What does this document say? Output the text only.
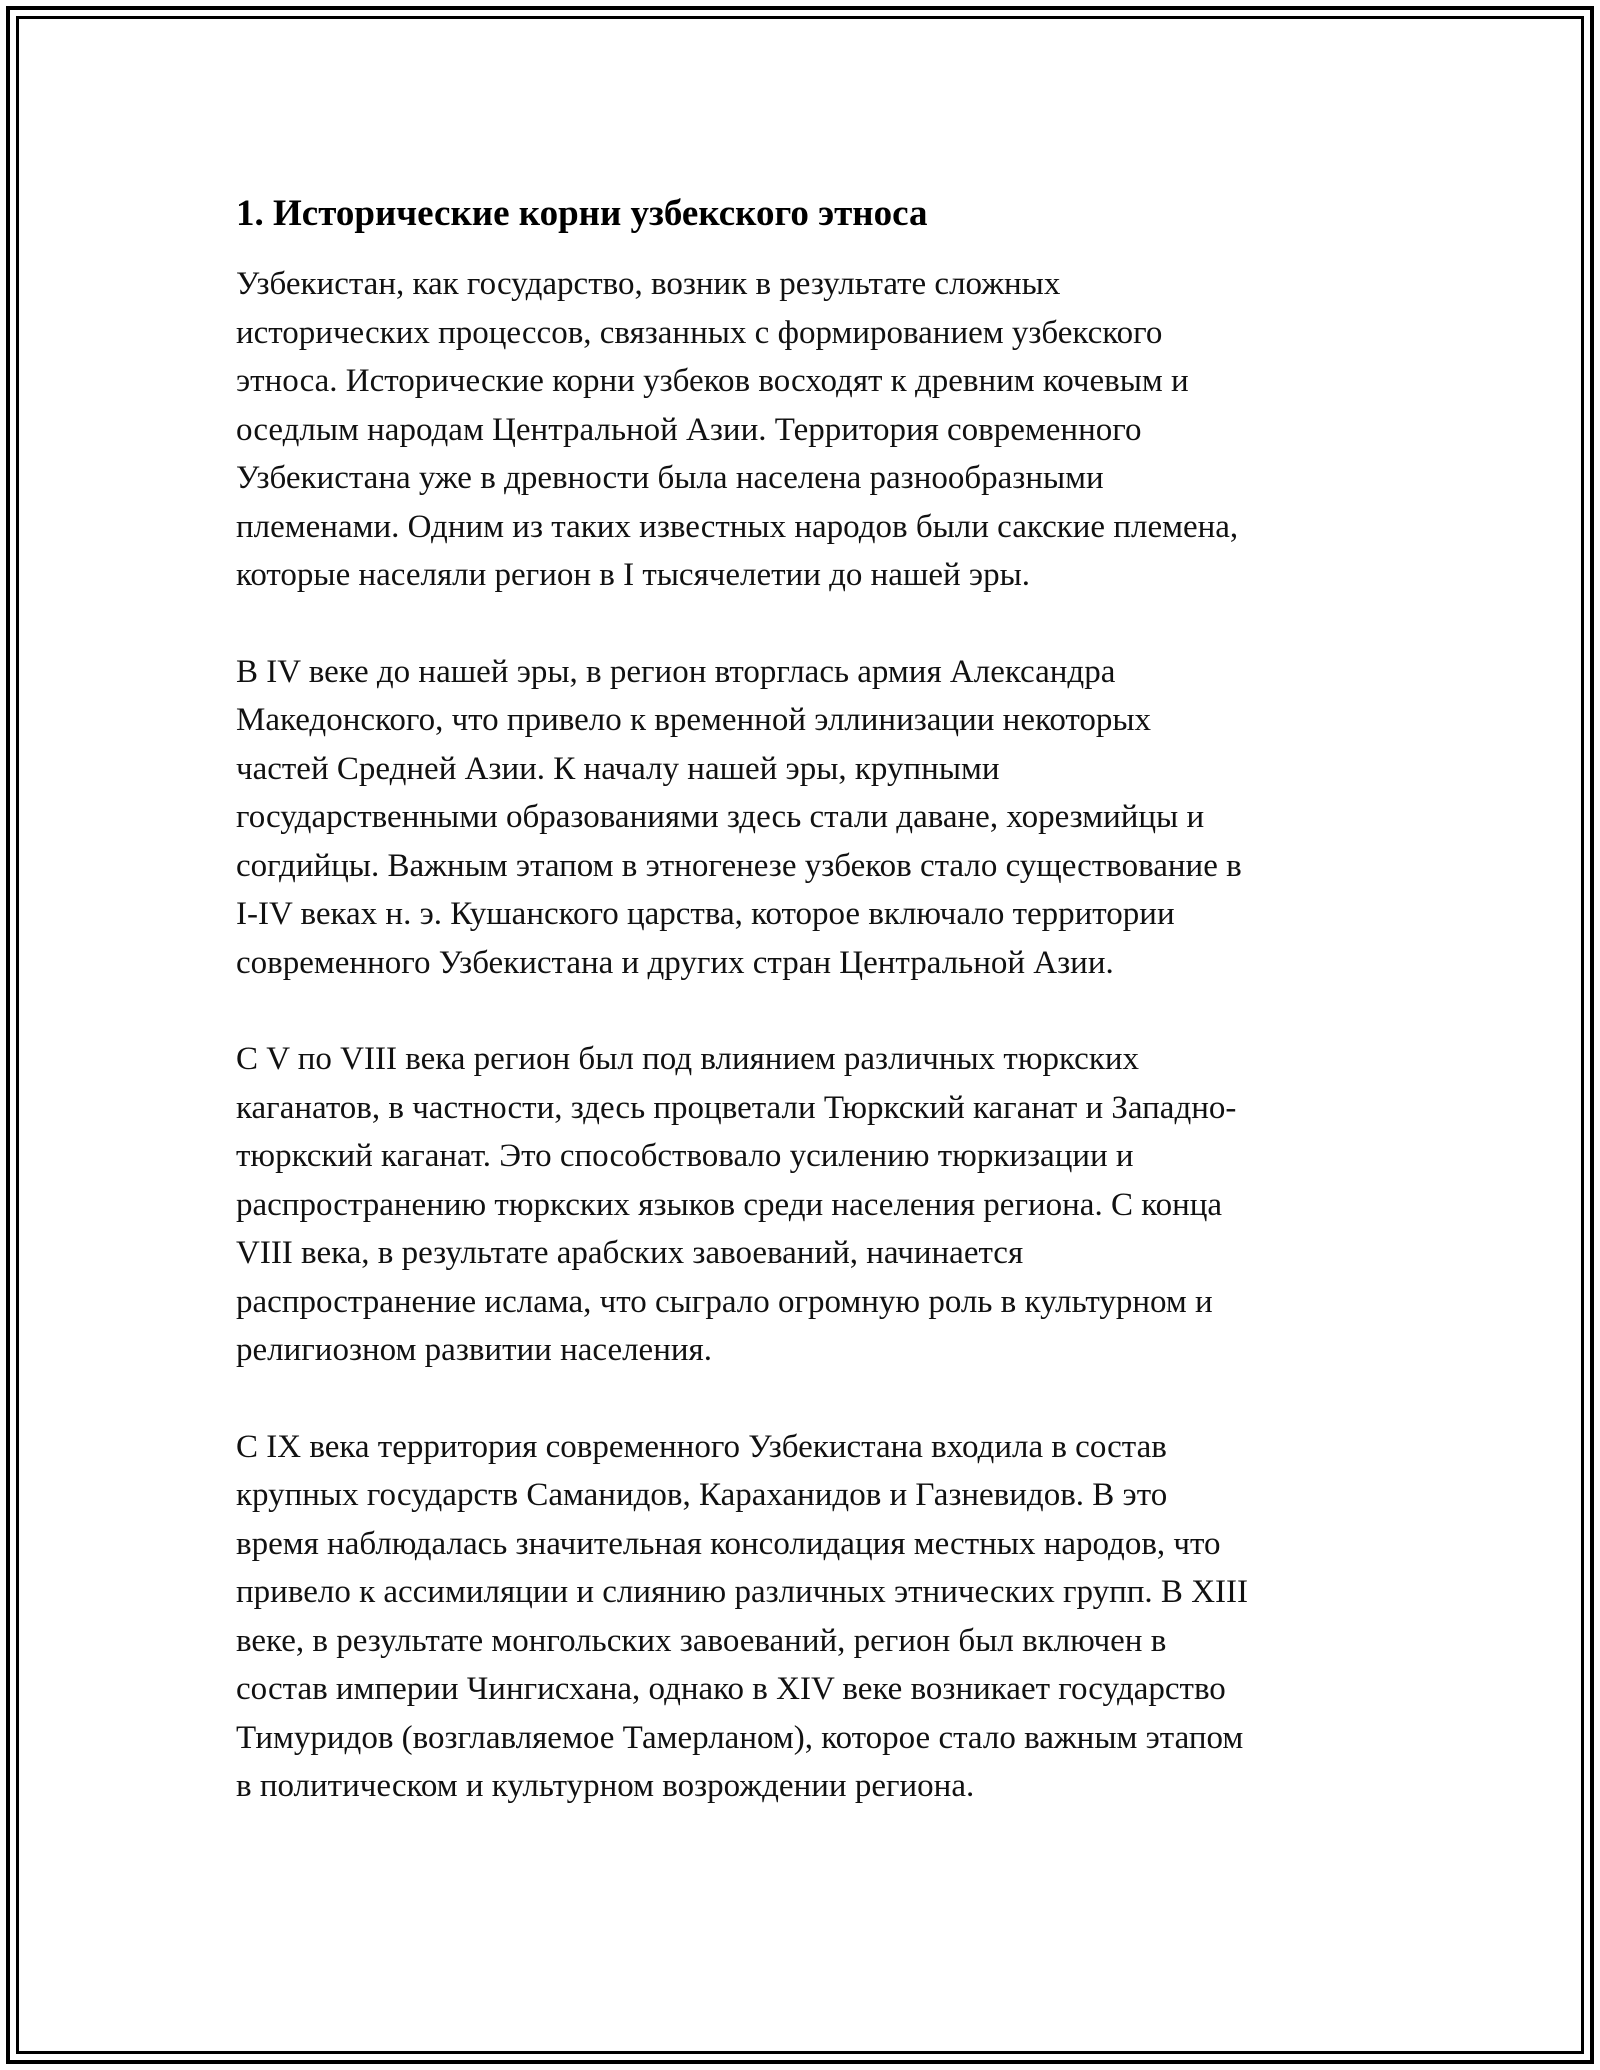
1. Исторические корни узбекского этноса

Узбекистан, как государство, возник в результате сложных
исторических процессов, связанных с формированием узбекского
этноса. Исторические корни узбеков восходят к древним кочевым и
оседлым народам Центральной Азии. Территория современного
Узбекистана уже в древности была населена разнообразными
племенами. Одним из таких известных народов были сакские племена,
которые населяли регион в I тысячелетии до нашей эры.

В IV веке до нашей эры, в регион вторглась армия Александра
Македонского, что привело к временной эллинизации некоторых
частей Средней Азии. К началу нашей эры, крупными
государственными образованиями здесь стали даване, хорезмийцы и
согдийцы. Важным этапом в этногенезе узбеков стало существование в
I-IV веках н. э. Кушанского царства, которое включало территории
современного Узбекистана и других стран Центральной Азии.

С V по VIII века регион был под влиянием различных тюркских
каганатов, в частности, здесь процветали Тюркский каганат и Западно-
тюркский каганат. Это способствовало усилению тюркизации и
распространению тюркских языков среди населения региона. С конца
VIII века, в результате арабских завоеваний, начинается
распространение ислама, что сыграло огромную роль в культурном и
религиозном развитии населения.

С IX века территория современного Узбекистана входила в состав
крупных государств Саманидов, Караханидов и Газневидов. В это
время наблюдалась значительная консолидация местных народов, что
привело к ассимиляции и слиянию различных этнических групп. В XIII
веке, в результате монгольских завоеваний, регион был включен в
состав империи Чингисхана, однако в XIV веке возникает государство
Тимуридов (возглавляемое Тамерланом), которое стало важным этапом
в политическом и культурном возрождении региона.
